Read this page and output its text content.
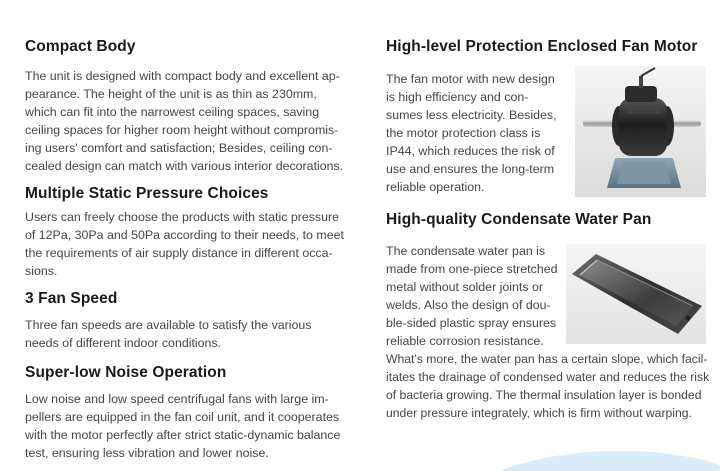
Compact Body
The unit is designed with compact body and excellent ap-
pearance. The height of the unit is as thin as 230mm,
which can fit into the narrowest ceiling spaces, saving
ceiling spaces for higher room height without compromis-
ing users' comfort and satisfaction; Besides, ceiling con-
cealed design can match with various interior decorations.
Multiple Static Pressure Choices
Users can freely choose the products with static pressure
of 12Pa, 30Pa and 50Pa according to their needs, to meet
the requirements of air supply distance in different occa-
sions.
3 Fan Speed
Three fan speeds are available to satisfy the various
needs of different indoor conditions.
Super-low Noise Operation
Low noise and low speed centrifugal fans with large im-
pellers are equipped in the fan coil unit, and it cooperates
with the motor perfectly after strict static-dynamic balance
test, ensuring less vibration and lower noise.
High-level Protection Enclosed Fan Motor
The fan motor with new design
is high efficiency and con-
sumes less electricity. Besides,
the motor protection class is
IP44, which reduces the risk of
use and ensures the long-term
reliable operation.
High-quality Condensate Water Pan
The condensate water pan is
made from one-piece stretched
metal without solder joints or
welds. Also the design of dou-
ble-sided plastic spray ensures
reliable corrosion resistance.
What's more, the water pan has a certain slope, which facil-
itates the drainage of condensed water and reduces the risk
of bacteria growing. The thermal insulation layer is bonded
under pressure integrately, which is firm without warping.
